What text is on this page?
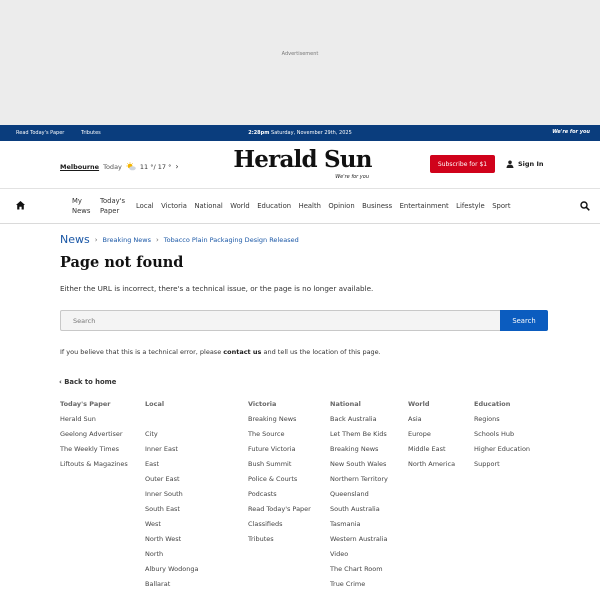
Advertisement
Read Today's Paper	Tributes	2:28pm Saturday, November 29th, 2025	We're for you
Melbourne Today	11 °/ 17 ° › Herald Sun
We're for you
Subscribe for $1	Sign In
My News
Today's Paper
Local	Victoria	National	World	Education	Health	Opinion	Business	Entertainment	Lifestyle	Sport
News › Breaking News › Tobacco Plain Packaging Design Released
Page not found

Either the URL is incorrect, there's a technical issue, or the page is no longer available.

Search
Search

If you believe that this is a technical error, please contact us and tell us the location of this page.

‹ Back to home
Today's Paper
Herald Sun
Geelong Advertiser
The Weekly Times
Liftouts & Magazines
Local
City
Inner East
East
Outer East
Inner South
South East
West
North West
North
Albury Wodonga
Ballarat
Victoria
Breaking News
The Source
Future Victoria
Bush Summit
Police & Courts
Podcasts
Read Today's Paper
Classifieds
Tributes
National
Back Australia
Let Them Be Kids
Breaking News
New South Wales
Northern Territory
Queensland
South Australia
Tasmania
Western Australia
Video
The Chart Room
True Crime
World
Asia
Europe
Middle East
North America
Education
Regions
Schools Hub
Higher Education
Support
